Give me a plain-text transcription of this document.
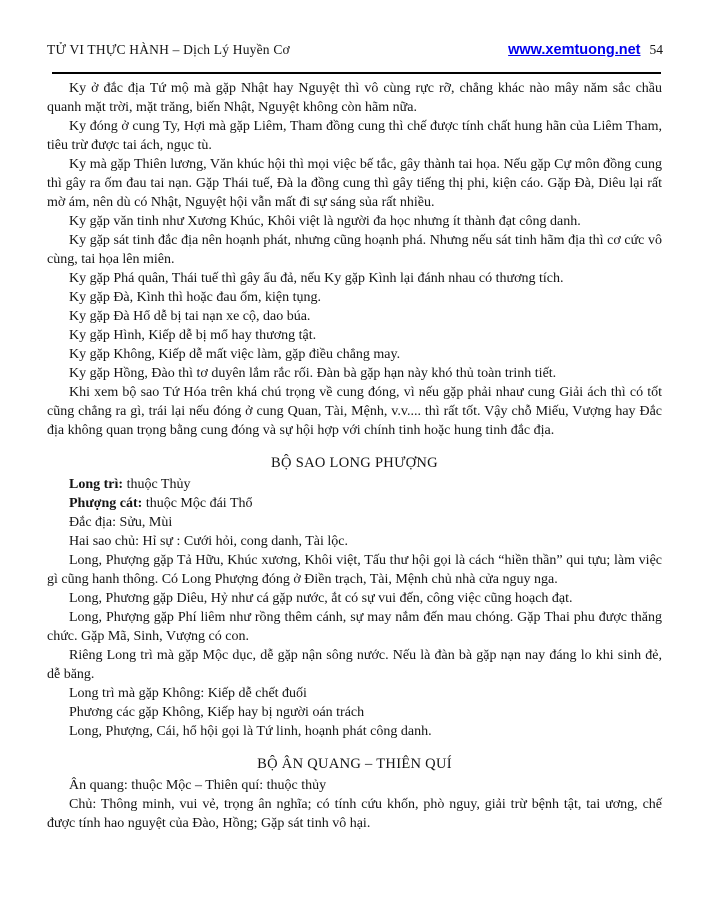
TỬ VI THỰC HÀNH – Dịch Lý Huyền Cơ	www.xemtuong.net 54

Ky ở đắc địa Tứ mộ mà gặp Nhật hay Nguyệt thì vô cùng rực rỡ, chẳng khác nào mây năm sắc chầu quanh mặt trời, mặt trăng, biến Nhật, Nguyệt không còn hãm nữa.

Ky đóng ở cung Ty, Hợi mà gặp Liêm, Tham đồng cung thì chế được tính chất hung hãn của Liêm Tham, tiêu trừ được tai ách, ngục tù.

Ky mà gặp Thiên lương, Văn khúc hội thì mọi việc bế tắc, gây thành tai họa. Nếu gặp Cự môn đồng cung thì gây ra ốm đau tai nạn. Gặp Thái tuế, Đà la đồng cung thì gây tiếng thị phi, kiện cáo. Gặp Đà, Diêu lại rất mờ ám, nên dù có Nhật, Nguyệt hội vẫn mất đi sự sáng sủa rất nhiều.

Ky gặp văn tinh như Xương Khúc, Khôi việt là người đa học nhưng ít thành đạt công danh.

Ky gặp sát tinh đắc địa nên hoạnh phát, nhưng cũng hoạnh phá. Nhưng nếu sát tinh hãm địa thì cơ cức vô cùng, tai họa lên miên.

Ky gặp Phá quân, Thái tuế thì gây ẩu đả, nếu Ky gặp Kình lại đánh nhau có thương tích.

Ky gặp Đà, Kình thì hoặc đau ốm, kiện tụng.

Ky gặp Đà Hổ dễ bị tai nạn xe cộ, dao búa.

Ky gặp Hình, Kiếp dễ bị mổ hay thương tật.

Ky gặp Không, Kiếp dễ mất việc làm, gặp điều chẳng may.

Ky gặp Hồng, Đào thì tơ duyên lắm rắc rối. Đàn bà gặp hạn này khó thủ toàn trinh tiết.

Khi xem bộ sao Tứ Hóa trên khá chú trọng về cung đóng, vì nếu gặp phải nhaư cung Giải ách thì có tốt cũng chẳng ra gì, trái lại nếu đóng ở cung Quan, Tài, Mệnh, v.v.... thì rất tốt. Vậy chỗ Miếu, Vượng hay Đắc địa không quan trọng bằng cung đóng và sự hội hợp với chính tinh hoặc hung tinh đắc địa.

BỘ SAO LONG PHƯỢNG

Long trì: thuộc Thủy

Phượng cát: thuộc Mộc đái Thổ

Đắc địa: Sửu, Mùi

Hai sao chủ: Hỉ sự : Cưới hỏi, cong danh, Tài lộc.

Long, Phượng gặp Tả Hữu, Khúc xương, Khôi việt, Tấu thư hội gọi là cách “hiền thần” qui tựu; làm việc gì cũng hanh thông. Có Long Phượng đóng ở Điền trạch, Tài, Mệnh chủ nhà cửa nguy nga.

Long, Phương gặp Diêu, Hỷ như cá gặp nước, ắt có sự vui đến, công việc cũng hoạch đạt.

Long, Phượng gặp Phí liêm như rồng thêm cánh, sự may nắm đến mau chóng. Gặp Thai phu được thăng chức. Gặp Mã, Sinh, Vượng có con.

Riêng Long trì mà gặp Mộc dục, dễ gặp nận sông nước. Nếu là đàn bà gặp nạn nay đáng lo khi sinh đẻ, dễ băng.

Long trì mà gặp Không: Kiếp dễ chết đuối

Phương các gặp Không, Kiếp hay bị người oán trách

Long, Phượng, Cái, hổ hội gọi là Tứ linh, hoạnh phát công danh.

BỘ ÂN QUANG – THIÊN QUÍ

Ân quang: thuộc Mộc – Thiên quí: thuộc thủy

Chủ: Thông minh, vui vẻ, trọng ân nghĩa; có tính cứu khốn, phò nguy, giải trừ bệnh tật, tai ương, chế được tính hao nguyệt của Đào, Hồng; Gặp sát tinh vô hại.
